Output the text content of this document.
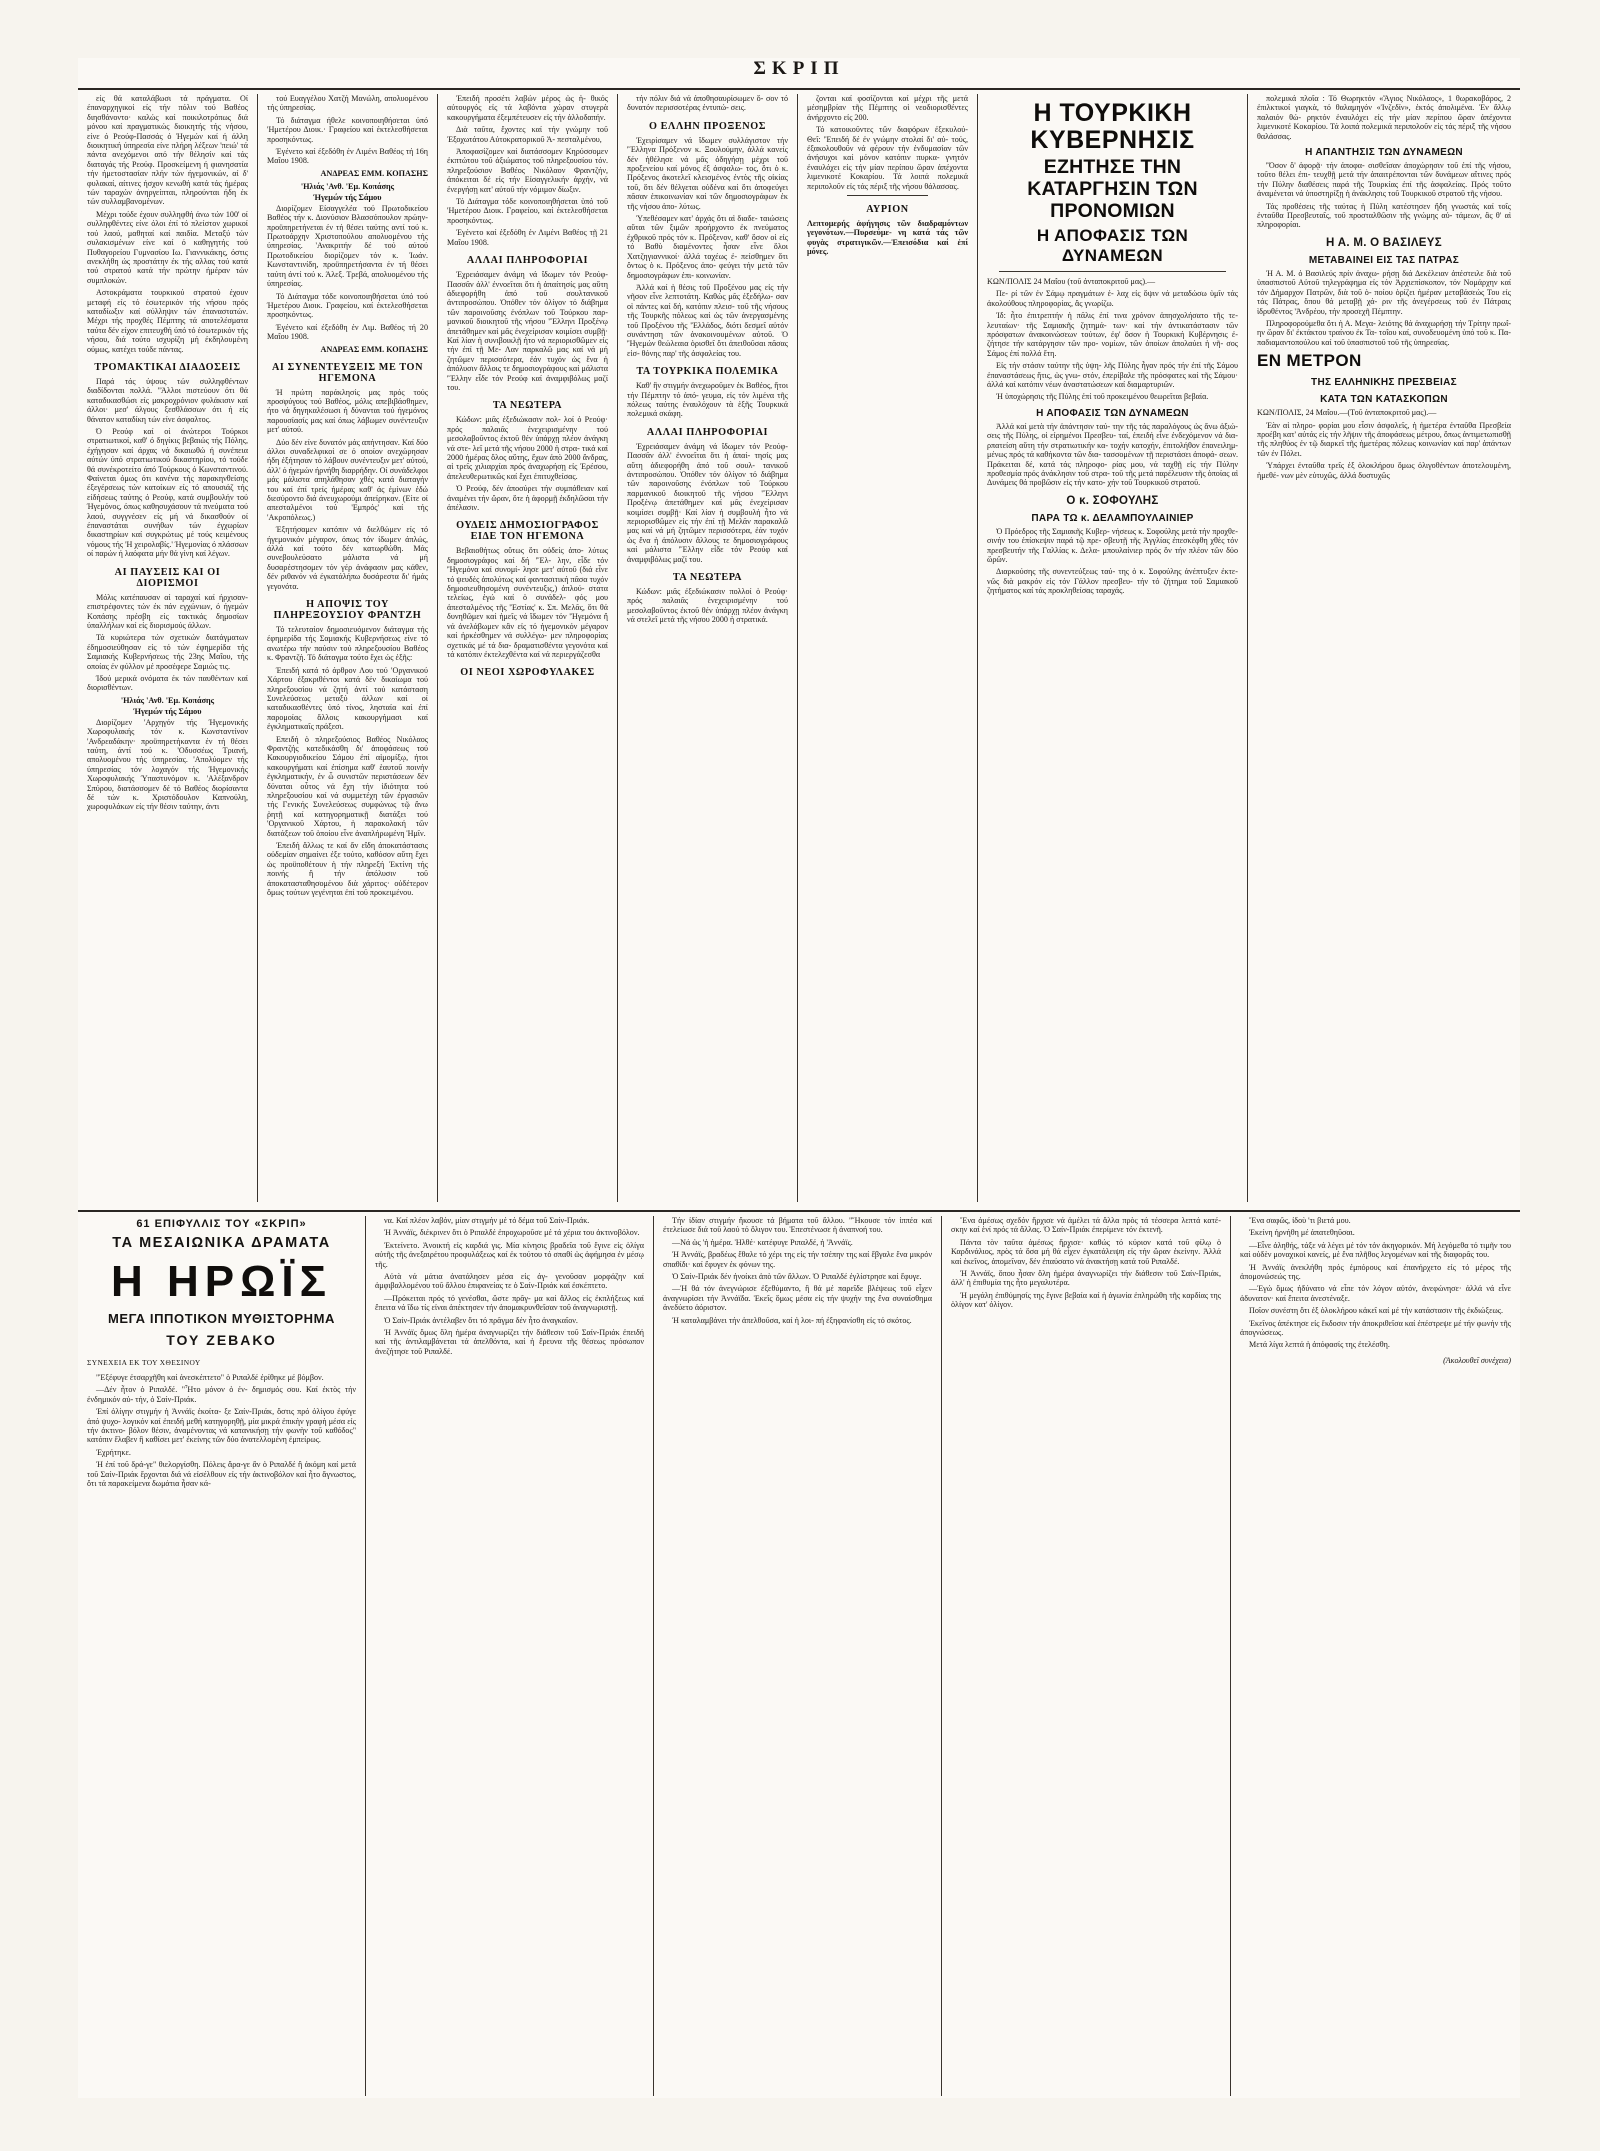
ΣΚΡΙΠ

είς θά καταλάβωσι τά πράγματα. Οί έπαναρχηγικοί είς τήν πόλιν τού Βαθέος διησθάνοντο· καλώς καί ποικιλοτρόπως διά μόνου καί πραγματικώς διοικητής τής νήσου, είνε ό Ρεούφ-Πασσάς ό Ήγεμών καί ή άλλη διοικητική ύπηρεσία είνε πλήρη λέξεων 'πειώ' τά πάντα ανεχόμενοι από τήν θέλησίν καί τάς διαταγάς τής Ρεούφ. Προσκείμενη ή φιανησατία τήν ήμετοστασίαν πλήν τών ήγεμονικών, αί δ' φυλακαί, αίτινες ήσχον κενωθή κατά τάς ήμέρας τών ταραχών άνηργείπται, πληρούνται ήδη έκ τών συλλαμβανομένων.

Μέχρι τούδε έχουν συλληφθή άνω τών 100' οί συλληφθέντες είνε όλοι έπί τό πλείστον χωρικοί τού λαού, μαθηταί καί παιδία. Μεταξύ τών συλακισμένων είνε καί ό καθηγητής τού Πυθαγορείου Γυμνασίου Ιω. Γιαννικάκης, όστις ανεκλήθη ώς προστάτην έκ τής αλλας τού κατά τού στρατού κατά τήν πρώτην ήμέραν τών συμπλοκών.

Αστοκράματα τουρκικού στρατού έχουν μεταφή είς τό έσωτερικόν τής νήσου πρός καταδίωξιν καί σύλληψιν τών έπαναστατών. Μέχρι τής προχθές Πέμπτης τά αποτελέσματα ταύτα δέν είχον επιτευχθή ύπό τό έσωτερικόν τής νήσου, διά τούτο ισχυρίζη μή έκδηλουμένη ούμως, κατέχει τούδε πάντας.

ΤΡΟΜΑΚΤΙΚΑΙ ΔΙΑΔΟΣΕΙΣ

Παρά τάς ύψους τών συλληφθέντων διαδίδονται πολλά. "Άλλοι πιστεύουν ότι θά καταδικασθώσι είς μακροχρόνιον φυλάκισιν καί άλλοι· μεσ' άλγους ξεσθλάσσων ότι ή είς θάνατον καταδίκη τών είνε άσφαλτος.

Ό Ρεούφ καί οί άνώτεροι Τούρκοι στρατιωτικοί, καθ' ό δηγίκις βεβαιώς τής Πόλης, έχήγησαν καί άρχας νά δικαιωθώ ή συνέπεια αύτών ύπό στρατιωτικού δικαστηρίου, τό τούδε θά συνέκροτείτο άπό Τούρκους ό Κωνσταντινού. Φαίνεται όμως ότι κανένα τής παρακηνθείσης έξεγέρσεως τών κατοίκων είς τό απουσιάζ τής είδήσεως ταύτης ό Ρεούφ, κατά συμβουλήν τού Ήγεμόνος, όπως καθησυχάσουν τά πνεύματα τού λαού, συγγνέσεν είς μή νά δικασθούν οί έπαναστάται συνήθων τών έγχωρίων δικαστηρίων καί συγκρώτως μέ τούς κειμένους νόμους τής 'Η χειρολαβίς.' Ήγεμονίας ό πλάσσων οί παρών ή λαόφατα μήν θά γίνη καί λέγων.

ΑΙ ΠΑΥΣΕΙΣ ΚΑΙ ΟΙ ΔΙΟΡΙΣΜΟΙ

Μόλις κατέπαυσαν αί ταραχαί καί ήρχισαν-επιστρέφοντες τών έκ πάν εγχώνιων, ό ήγεμών Κοπάσης πρέσβη είς τακτικάς δημοσίων ύπαλλήλων καί είς διορισμούς άλλων.

Τά κυριώτερα τών σχετικών διατάγματων έδημοσιεύθησαν είς τό τών έφημερίδα τής Σαμιακής Κυβερνήσεως τής 23ης Μαΐου, τής οποίας έν φύλλον μέ προσέφερε Σαμιώς τις.

Ίδού μερικά ονόματα έκ τών παυθέντων καί διορισθέντων.

'Ηλιάς 'Ανθ. 'Εμ. Κοπάσης
Ήγεμών τής Σάμου

Διορίζομεν 'Αρχηγόν τής Ήγεμονικής Χωροφυλακής τόν κ. Κωνσταντίνον 'Ανδρεαδάκην· προϋπηρετήκαντα έν τή θέσει ταύτη, άντί τού κ. 'Οδυσσέως Τριανή, απολυομένου τής ύπηρεσίας. 'Απολύομεν τής ύπηρεσίας τόν λοχαγόν τής Ήγεμονικής Χωροφυλακής Ύπαστυνόμον κ. 'Αλέξανδρον Σπύρου, διατάσσομεν δέ τό Βαθέος διορίσαντα δέ τών κ. Χριστόδουλον Καπνούλη, χωροφυλάκων είς τήν θέσιν ταύτην, άντι

τού Ευαγγέλου Χατζή Μανώλη, απολυομένου τής ύπηρεσίας.

Τό διάταγμα ήθελε κοινοποιηθήσεται ύπό 'Ημετέρου Διοικ.· Γραφείου καί έκτελεσθήσεται προσηκόντως.

Έγένετο καί έξεδόθη έν Λιμένι Βαθέος τή 16η Μαΐου 1908.

ΑΝΔΡΕΑΣ ΕΜΜ. ΚΟΠΑΣΗΣ
'Ηλιάς 'Ανθ. 'Εμ. Κοπάσης
Ήγεμών τής Σάμου

Διορίζομεν Είσαγγελέα τού Πρωτοδικείου Βαθέος τήν κ. Διονύσιον Βλασσόπουλον πρώην-προϋπηρετήνεται έν τή θέσει ταύτης αντί τού κ. Πρωτοάρχην Χριστοπούλου απολυομένου τής ύπηρεσίας. 'Ανακριτήν δέ τού αύτού Πρωτοδικείου διορίζομεν τόν κ. Ίωάν. Κωνσταντινίδη, προϋπηρετήσαντα έν τή θέσει ταύτη άντί τού κ. Άλεξ. Τρεβά, απολυομένου τής ύπηρεσίας.

Τό Διάταγμα τόδε κοινοποιηθήσεται ύπό τού Ήμετέρου Διοικ. Γραφείου, καί έκτελεσθήσεται προσηκόντως.

Έγένετο καί έξεδόθη έν Λιμ. Βαθέος τή 20 Μαΐου 1908.

ΑΝΔΡΕΑΣ ΕΜΜ. ΚΟΠΑΣΗΣ
ΑΙ ΣΥΝΕΝΤΕΥΞΕΙΣ ΜΕ ΤΟΝ ΗΓΕΜΟΝΑ

Ή πρώτη παράκλησίς μας πρός τούς προσφύγους τού Βαθέος, μόλις απεβιβάσθημεν, ήτο νά δηγηκαλέσωσι ή δύνανται τού ήγεμόνος παρουσίασίς μας καί όπως λάβωμεν συνέντευξιν μετ' αύτού.

Δύο δέν είνε δυνατόν μάς απήντησαν. Καί δύο άλλοι συναδελφικοί σε ό οποίον ανεχώρησαν ήδη ἐξήτησαν τό λάβουν συνέντευξιν μετ' αύτού, άλλ' ό ήγεμών ήρνήθη διαρρήδην. Οί συνάδελφοι μάς μάλιστα απηλάθησαν χθές κατά διαταγήν του καί έπί τρείς ήμέρας καθ' άς ἐμίνων ἐδώ διεσύροντο διά άνευχωρούμι ἀπείρηκαν. (Είτε οί απεσταλμένοι τού 'Εμπρός' καί τής 'Ακροπόλεως.)

Έξητήσαμεν κατόπιν νά διελθώμεν είς τό ήγεμονικόν μέγαρον, όπως τόν ίδωμεν άπλώς, άλλά καί τούτο δέν κατωρθώθη. Μάς συνεβουλεύσατο μάλιστα νά μή δυσαρέστησομεν τόν γέρ ἀνάφασιν μας κάθεν, δέν ριθανόν νά έγκατάλήπω δυσάρεστα δι' ήμάς γεγονότα.

Η ΑΠΟΨΙΣ ΤΟΥ ΠΛΗΡΕΞΟΥΣΙΟΥ ΦΡΑΝΤΖΗ

Τό τελευταίον δημοσιευόμενον διάταγμα τής έφημερίδα τής Σαμιακής Κυβερνήσεως είνε τό ανωτέρω τήν παύσιν τού πληρεξουσίου Βαθέος κ. Φραντζή. Τό διάταγμα τούτο ἔχει ώς ἑξῆς:

Έπειδή κατά τό άρθρον Λου τού 'Οργανικού Χάρτου ἐξακριθέντοι κατά δέν δικαίωμα τού πληρεξουσίου νά ζητή ἀντί τού κατάσταση Συνελεύσεως μεταξύ άλλων καί οί καταδικασθέντες ὑπό τίνος, λησταία καί ἐπί παρομοίας ἄλλοις κακουργήμασι καί ἐγκληματικαῖς πράξεσι.

Επειδή ὁ πληρεξούσιος Βαθέος Νικόλαος Φραντζής κατεδικάσθη δι' ἀποφάσεως τού Κακουργιοδικείου Σάμου ἐπί αἱμομίξῳ, ήτοι κακουργήματι καί ἐπίσημα καθ' ἑαυτοῦ ποινήν ἐγκληματικήν, ἐν ὦ συνιστῶν περιστάσεων δέν δύναται οὗτος νά ἔχη τήν ἰδιότητα τού πληρεξουσίου καί νά συμμετέχη τῶν ἐργασιῶν τής Γενικής Συνελεύσεως συμφώνως τῷ ἄνω ῥητῇ καί κατηγορηματικῇ διατάξει τού 'Οργανικοῦ Χάρτου, ἡ παρακολακή τῶν διατάξεων τοῦ ὁποίου εἶνε ἀναπλήρωμένη Ἡμῖν.

Ἐπειδή ἄλλως τε καί ἄν εἴδη ἀποκατάστασις οὐδεμίαν σημαίνει ἐξε τούτο, καθόσον αὕτη ἔχει ὡς προϋποθέτουν ἡ τήν πληρεξή Ἐκτίνη τής ποινής ἢ τήν ἀπόλυσιν τοῦ ἀποκατασταθησομένου διὰ χάριτος· οὐδέτερον ὅμως τούτων γεγένηται ἐπί τοῦ προκειμένου.

Ἐπειδή προσέτι λαβών μέρος ὡς ἡ- θικός αὐτουργός εἰς τά λαβόντα χώραν στυγερὰ κακουργήματα ἐξεμπέτευσεν εἰς τήν ἀλλοδαπήν.

Διὰ ταῦτα, ἔχοντες καί τήν γνώμην τοῦ Ἐξοχωτάτου Αὐτοκρατορικοῦ Ἀ- πεσταλμένου,

Ἀποφασίζομεν καί διατάσσομεν Κηρύσσομεν ἐκπτώτου τοῦ ἀξιώματος τοῦ πληρεξουσίου τόν. πληρεξούσιον Βαθέος Νικόλαον Φραντζήν, ἀπόκειται δέ εἰς τήν Εἰσαγγελικήν ἀρχήν, νά ἐνεργήσῃ κατ' αὐτοῦ τήν νόμιμον δίωξιν.

Τό Διάταγμα τόδε κοινοποιηθήσεται ὑπό τοῦ 'Ημετέρου Διοικ. Γραφείου, καί ἐκτελεσθήσεται προσηκόντως.

Ἐγένετο καί ἐξεδόθη ἐν Λιμένι Βαθέος τῇ 21 Μαΐου 1908.

ΑΛΛΑΙ ΠΛΗΡΟΦΟΡΙΑΙ

Ἐχρειάσαμεν ἀνάμη νά ἴδωμεν τόν Ρεούφ-Πασσᾶν ἀλλ' ἐννοεῖται ὅτι ἡ ἀπαίτησίς μας αὕτη ἀδιεφορήθη ἀπό τοῦ σουλτανικοῦ ἀντιπροσώπου. Ὁπόθεν τόν ὀλίγον τό διάβημα τῶν παροινοῦσης ἐνόπλων τοῦ Τούρκου παρ- μανικοῦ διοικητοῦ τῆς νήσου 'Ἔλληνι Προξένῳ ἀπετάθημεν καί μᾶς ἐνεχείρισαν κοιμίσει συμβῇ· Καί λίαν ἡ συνιβοικλῇ ἡτο νά περιορισθῶμεν εἰς τήν ἐπί τῇ Με- Λαν παρκαλῶ μας καί νά μή ζητῶμεν περισσότερα, ἐάν τυχόν ὡς ἔνα ἡ ἀπόλυσιν ἄλλοις τε δημοσιογράφους καί μάλιστα 'Ἕλλην εἶδε τόν Ρεούφ καί ἀναμφιβόλως μαζί του.

ΤΑ ΝΕΩΤΕΡΑ

Κώδων: μιᾶς ἐξεδιώκασιν πολ- λοί ὁ Ρεούφ· πρός παλαιᾶς ἐνεχειρισμένην τού μεσολαβοῦντος ἐκτοῦ θέν ὑπάρχῃ πλέον ἀνάγκη νά στε- λεῖ μετά τῆς νήσου 2000 ἡ στρα- τικά καί 2000 ἡμέρας ὅλος αὕτης, ἔχων ἀπὸ 2000 ἄνδρας, αἱ τρεῖς χιλιαρχίαι πρός ἀναχωρήσῃ εἰς Ἐρέσου, ἀπελευθερωτικῶς καί ἔχει ἐπιτυχθείσας.

Ὁ Ρεούφ, δέν ἀποσύρει τήν συμπάθειαν καί ἀναμένει τήν ὥραν, ὅτε ἡ ἀφορμῇ ἐκδηλῶσαι τήν ἀπέλασιν.

ΟΥΔΕΙΣ ΔΗΜΟΣΙΟΓΡΑΦΟΣ ΕΙΔΕ ΤΟΝ ΗΓΕΜΟΝΑ

Βεβαιοθήτως οὕτως ὅτι οὐδείς ἀπο- λύτως δημοσιογράφος καί δή 'Ἕλ- λην, εἶδε τόν 'Ἡγεμόνα καί συνομί- λησε μετ' αὐτοῦ (διά εἶνε τό ψευδὲς ἀπολύτως καί φαντασιτική πᾶσα τυχόν δημοσιευθησομένη συνέντευξις,) ἁπλού- στατα τελείως, ἐγώ καί ὁ συνάδελ- φός μου ἀπεσταλμένος τῆς 'Ἑστίας' κ. Σπ. Μελᾶς, ὅτι θά δυνηθῶμεν καί ἡμεῖς νά ἴδωμεν τόν 'Ἡγεμόνα ἤ νά ἀνελάβωμεν κἂν εἰς τό ἡγεμονικόν μέγαρον καί ἠρκέσθημεν νά συλλέγω- μεν πληροφορίας σχετικάς μέ τά δια- δραματισθέντα γεγονότα καί τά κατόπιν ἐκτελεχθέντα καί νά περιεργάζεσθα

ΟΙ ΝΕΟΙ ΧΩΡΟΦΥΛΑΚΕΣ

τήν πόλιν διά νά ἀποθησαυρίσωμεν ὅ- σον τό δυνατόν περισσοτέρας ἐντυπώ- σεις.

Ο ΕΛΛΗΝ ΠΡΟΞΕΝΟΣ

Ἐχειρίσαμεν νά ἴδωμεν συλλάγιστον τήν 'Ἕλληνα Πρόξενον κ. Ξουλούμην, ἀλλά κανείς δέν ἠθέλησε νά μᾶς ὁδηγήσῃ μέχρι τοῦ προξενείου καί μόνος ἐξ ἀσφαλω- τος, ὅτι ὁ κ. Πρόξενος ἀκοτελεῖ κλεισμένος ἐντὸς τῆς οἰκίας τοῦ, ὅτι δέν θέλγεται οὐδένα καί ὅτι ἀποφεύγει πᾶσαν ἐπικοινωνίαν καί τῶν δημοσιογράφων ἐκ τῆς νήσου ἀπο- λύτως.

Ὑπεθέσαμεν κατ' ἀρχάς ὅτι αἱ διαδε- ταιώσεις αὕται τῶν ξιμῶν προήρχοντο ἐκ πνεύματος ἐχθρικοῦ πρός τόν κ. Πρόξενον, καθ' ὅσον οἱ εἰς τό Βαθὺ διαμένοντες ἦσαν εἶνε ὅλοι Χατζηγιαννικοί· ἀλλά ταχέως ἐ- πείσθημεν ὅτι ὄντως ὁ κ. Πρόξενος ἀπο- φεύγει τήν μετὰ τῶν δημοσιογράφων ἐπι- κοινωνίαν.

Ἀλλά καί ἡ θέσις τοῦ Προξένου μας εἰς τήν νῆσον εἶνε λεπτοτάτη. Καθώς μᾶς ἐξεδήλω- σαν οἱ πάντες καί δή, κατόπιν πλεισ- τοῦ τῆς νήσους τῆς Τουρκῆς πόλεως καί ὡς τῶν ἀνεργασμένης τοῦ Προξένου τῆς 'Ἑλλάδος, διότι δεσμεῖ αὐτόν συνάντηση τῶν ἀνακοινουμένων αὐτοῦ. Ὁ 'Ἡγεμών θεώλεαια ὁρισθεῖ ὅτι ἀπειθοῦσαι πᾶσας εἰσ- θόνης παρ' τῆς ἀσφαλείας του.

ΤΑ ΤΟΥΡΚΙΚΑ ΠΟΛΕΜΙΚΑ

Καθ' ἣν στιγμήν ἀνεχωροῦμεν ἐκ Βαθέος, ἤτοι τήν Πέμπτην τό ἀπό- γευμα, εἰς τόν λιμένα τῆς πόλεως ταύτης ἐναυλόχουν τὰ ἑξῆς Τουρκικά πολεμικά σκάφη.

ΑΛΛΑΙ ΠΛΗΡΟΦΟΡΙΑΙ

Ἐχρειάσαμεν ἀνάμη νά ἴδωμεν τόν Ρεούφ-Πασσᾶν ἀλλ' ἐννοεῖται ὅτι ἡ ἀπαί- τησίς μας αὕτη ἀδιεφορήθη ἀπό τοῦ σουλ- τανικοῦ ἀντιπροσώπου. Ὁπόθεν τόν ὀλίγον τό διάβημα τῶν παροινοῦσης ἐνόπλων τοῦ Τούρκου παρμανικοῦ διοικητοῦ τῆς νήσου 'Ἔλληνι Προξένῳ ἀπετάθημεν καί μᾶς ἐνεχείρισαν κοιμίσει συμβῇ· Καί λίαν ἡ συμβουλή ἦτο νά περιορισθῶμεν εἰς τήν ἐπί τῇ Μελᾶν παρακαλῶ μας καί νά μή ζητῶμεν περισσότερα, ἐάν τυχόν ὡς ἔνα ἡ ἀπόλυσιν ἄλλους τε δημοσιογράφους καί μάλιστα 'Ἕλλην εἶδε τόν Ρεούφ καί ἀναμφιβόλως μαζί του.

ΤΑ ΝΕΩΤΕΡΑ

Κώδων: μιᾶς ἐξεδιώκασιν πολλοί ὁ Ρεούφ· πρός παλαιᾶς ἐνεχειρισμένην τού μεσολαβοῦντος ἐκτοῦ θέν ὑπάρχῃ πλέον ἀνάγκη νά στελεῖ μετά τῆς νήσου 2000 ἡ στρατικά.

ζονται καί φοσίζονται καί μέχρι τῆς μετά μέσημβρίαν τῆς Πέμπτης οἱ νεοδιορισθέντες ἀνήρχοντο εἰς 200.

Τό κατοικοῦντες τῶν διαφόρων ἐξεκυλού- Θεῖ: 'Ἐπειδή δέ ἐν γνώμην στολαί δι' αὐ- τούς, ἐξακολουθοῦν νά φέρουν τήν ἐνδυμασίαν τῶν ἀνήσυχοι καί μόνον κατόπιν πυρκα- γνητόν ἐναυλόχει εἰς τήν μίαν περίπου ὥραν ἀπέχοντα λιμενικοτέ Κοκαρίου. Τά λοιπά πολεμικά περιπολοῦν εἰς τάς πέριξ τῆς νήσου θάλασσας.

ΑΥΡΙΟΝ

Λεπτομερής ἀφήγησις τῶν διαδραμόντων γεγονότων.—Πυρσεύμε- νη κατά τάς τῶν φυγὰς στρατιγικῶν.—Ἐπεισόδια καί ἐπί μόνες.

Η ΤΟΥΡΚΙΚΗ ΚΥΒΕΡΝΗΣΙΣ
ΕΖΗΤΗΣΕ ΤΗΝ ΚΑΤΑΡΓΗΣΙΝ ΤΩΝ ΠΡΟΝΟΜΙΩΝ
Η ΑΠΟΦΑΣΙΣ ΤΩΝ ΔΥΝΑΜΕΩΝ

ΚΩΝ/ΠΟΛΙΣ 24 Μαΐου (τοῦ ἀνταποκριτοῦ μας).—

Πε- ρί τῶν ἐν Σάμῳ πραγμάτων ἐ- λαχ εἰς ὅψιν νά μεταδώσω ὑμῖν τάς ἀκολούθους πληροφορίας, ἃς γνωρίζω.

Ἰδ: ἦτο ἐπιτρεπτήν ἡ πᾶλις ἐπί τινα χρόνον ἀπησχολήσατο τῆς τε- λευταίων· τῆς Σαμιακῆς ζητημά- των· καί τήν ἀντικατάστασιν τῶν πρόσφατων ἀνακοινώσεων τούτων, ἐφ' ὅσον ἡ Τουρκική Κυβέρνησις ἐ- ζήτησε τήν κατάργησιν τῶν προ- νομίων, τῶν ὁποίων ἀπολαύει ἡ νῆ- σος Σάμος ἐπί πολλά ἔτη.

Εἰς τήν στάσιν ταύτην τῆς ὑψη- λῆς Πύλης ἧγαν πρός τήν ἐπί τῆς Σάμου ἐπαναστάσεως ἥτις, ὡς γνω- στόν, ἐπερίβαλε τῆς πρόσφατες καί τῆς Σάμου· ἀλλά καί κατόπιν νέων ἀναστατώσεων καί διαμαρτυριῶν.

Ἡ ὑποχώρησις τῆς Πύλης ἐπί τοῦ προκειμένου θεωρεῖται βεβαία.

Η ΑΠΟΦΑΣΙΣ ΤΩΝ ΔΥΝΑΜΕΩΝ

Ἀλλά καί μετὰ τήν ἀπάντησιν ταύ- την τῆς τάς παραλόγους ὡς ἄνω ἀξιώ- σεις τῆς Πύλης, οἱ εἰρημένοι Πρεσβευ- ταί, ἐπειδή εἶνε ἐνδεχόμενον νά δια- ρπατείση αὕτη τήν στρατιωτικήν κα- τοχήν κατοχήν, ἐπιτολήθον ἐπανειλημ- μένως πρός τά καθήκοντα τῶν δια- τασσομένων τῇ περιστάσει ἀποφά- σεων. Πράκειται δέ, κατά τάς πληροφο- ρίας μου, νά ταχθῇ εἰς τήν Πύλην προθεσμία πρός ἀνάκλησιν τοῦ στρα- τοῦ τῆς μετά παρέλευσιν τῆς ὁποίας αἱ Δυνάμεις θά προβῶσιν εἰς τήν κατο- χήν τοῦ Τουρκικοῦ στρατοῦ.

Ο κ. ΣΟΦΟΥΛΗΣ
ΠΑΡΑ ΤΩ κ. ΔΕΛΑΜΠΟΥΛΑΙΝΙΕΡ

Ὁ Πρόεδρος τῆς Σαμιακῆς Κυβερ- νήσεως κ. Σοφούλης μετά τήν προχθε- σινήν του ἐπίσκεψιν παρά τῷ πρε- σβευτῇ τῆς Ἀγγλίας ἐπεσκέφθη χθὲς τόν πρεσβευτήν τῆς Γαλλίας κ. Δελα- μπουλαίνιερ πρός ὃν τήν πλέον τῶν δύο ὥρῶν.

Διαρκούσης τῆς συνεντεύξεως ταύ- της ὁ κ. Σοφούλης ἀνέπτυξεν ἐκτε- νῶς διὰ μακρόν εἰς τόν Γάλλον πρεσβευ- τήν τό ζήτημα τοῦ Σαμιακοῦ ζητήματος καί τάς προκληθείσας ταραχάς.

πολεμικά πλοῖα : Τό Θωρηκτόν «Ἄγιος Νικόλαος», 1 θωρακοβάρος, 2 ἐπιλκτικοί γιαγκὰ, τό θαλαμηγόν «Ἰνζεδίν», ἐκτός ἀπολιμένα. Ἐν ἄλλῳ παλαιόν θώ- ρηκτόν ἐναυλόχει εἰς τήν μίαν περίπου ὥραν ἀπέχοντα λιμενικοτέ Κοκαρίου. Τά λοιπά πολεμικά περιπολοῦν εἰς τάς πέριξ τῆς νήσου θαλάσσας.

Η ΑΠΑΝΤΗΣΙΣ ΤΩΝ ΔΥΝΑΜΕΩΝ

'Ὅσον ὅ' ἀφορᾷ· τήν ἀποφα- σισθεῖσαν ἀποχώρησιν τοῦ ἐπί τῆς νήσου, τοῦτο θέλει ἐπι- τευχθῇ μετά τήν ἀπαιτρέπονται τῶν δυνάμεων αἵτινες πρός τήν Πύλην διαθέσεις παρά τῆς Τουρκίας ἐπί τῆς ἀσφαλείας. Πρός τοῦτο ἀναμένεται νά ὑποστηρίξῃ ἡ ἀνάκλησις τοῦ Τουρκικοῦ στρατοῦ τῆς νήσου.

Τάς προθέσεις τῆς ταύτας ἡ Πύλη κατέστησεν ἤδη γνωστάς καί τοῖς ἐνταῦθα Πρεσβευταῖς, τοῦ προσταλθῶσιν τῆς γνώμης αὐ- τάμεων, ἃς θ' αἱ πληροφορίαι.

Η Α. Μ. Ο ΒΑΣΙΛΕΥΣ
ΜΕΤΑΒΑΙΝΕΙ ΕΙΣ ΤΑΣ ΠΑΤΡΑΣ

Ἡ Α. Μ. ὁ Βασιλεύς πρίν ἀναχω- ρήσῃ διά Δεκέλειαν ἀπέστειλε διὰ τοῦ ὑπασπιστοῦ Αὐτοῦ τηλεγράφημα εἰς τόν Ἀρχιεπίσκοπον, τόν Νομάρχην καί τόν Δήμαρχον Πατρῶν, διὰ τοῦ ὁ- ποίου ὁρίζει ἡμέραν μεταβάσεώς Του εἰς τάς Πάτρας, ὅπου θά μεταβῇ χά- ριν τῆς ἀνεγέρσεως τοῦ ἐν Πάτραις ἱδρυθέντος 'Ἀνδρέου, τήν προσεχῆ Πέμπτην.

Πληροφορούμεθα ὅτι ἡ Α. Μεγα- λειότης θά ἀναχωρήσῃ τήν Τρίτην πρωΐ- ην ὥραν δι' ἐκτάκτου τραίνου ἐκ Τα- τοΐου καί, συνοδευομένη ὑπό τοῦ κ. Πα- παδιαμαντοπούλου καί τοῦ ὑπασπιστοῦ τοῦ τῆς ὑπηρεσίας.

ΕΝ ΜΕΤΡΟΝ
ΤΗΣ ΕΛΛΗΝΙΚΗΣ ΠΡΕΣΒΕΙΑΣ
ΚΑΤΑ ΤΩΝ ΚΑΤΑΣΚΟΠΩΝ

ΚΩΝ/ΠΟΛΙΣ, 24 Μαΐου.—(Τοῦ ἀνταποκριτοῦ μας).—

Ἑὰν αἱ πληρο- φορίαι μου εἶσιν ἀσφαλεῖς, ἡ ἡμετέρα ἐνταῦθα Πρεσβεία προέβη κατ' αὐτάς εἰς τήν λῆψιν τῆς ἀποφάσεως μέτρου, ὅπως ἀντιμετωπισθῇ τῆς πληθύος ἐν τῷ διαρκεῖ τῆς ἡμετέρας πόλεως κοινωνίαν καί παρ' ἀπάντων τῶν ἐν Πόλει.

Ὑπάρχει ἐνταῦθα τρεῖς ἐξ ὁλοκλήρου ὅμως ὀλιγοθέντων ἀποτελουμένη, ἡμεθέ- νων μὲν εὐτυχῶς, ἀλλά δυστυχῶς

61 ΕΠΙΦΥΛΛΙΣ ΤΟΥ «ΣΚΡΙΠ»
ΤΑ ΜΕΣΑΙΩΝΙΚΑ ΔΡΑΜΑΤΑ
Η ΗΡΩΪΣ
ΜΕΓΑ ΙΠΠΟΤΙΚΟΝ ΜΥΘΙΣΤΟΡΗΜΑ
ΤΟΥ ΖΕΒΑΚΟ
ΣΥΝΕΧΕΙΑ ΕΚ ΤΟΥ ΧΘΕΣΙΝΟΥ

"Ἐξέφυγε ἐτσαρχῆθη καί ἀνεσκέπτετο" ὁ Ριπαλδέ ἐρίθηκε μέ βόμβον.

—Δέν ἦτον ὁ Ριπαλδέ. "Ἦτο μόνον ὁ ἐν- δημισμός σου. Καί ἐκτὸς τήν ἐνδημικόν αὐ- τήν, ὁ Σαίν-Πριάκ.

Ἐπί ὀλίγην στιγμήν ἡ Ἀννάϊς ἐκοίτα- ξε Σαίν-Πριάκ, ὅστις πρό ὀλίγου ἐφύγε ἀπό ψυχο- λογικόν καί ἐπειδή μεθή κατηγορηθῇ, μία μικρά ἐπικὴν γραφὴ μέσα εἰς τήν ἀκτινο- βόλον θέσιν, ἀναμένοντας νά κατανικήσῃ τήν φωνὴν τοῦ καθόδος" κατόπιν ἔλαβεν ἢ καθίσει μετ' ἐκείνης τῶν δύο ἀνατελλομένη ἐμπείρως.

Ἐχρήτηκε.

Ἡ ἐπί τοῦ δρά-γε" θιελοργίσθη. Πόλεις ἄρα-γε ἂν ὁ Ριπαλδέ ἢ ἀκόμη καί μετά τοῦ Σαίν-Πριάκ ἔρχονται διά νά εἰσέλθουν εἰς τήν ἀκτινοβόλον καί ἦτο ἄγνωστος, ὅτι τά παρακείμενα δωμάτια ἦσαν κά-

να. Καί πλέον λαβόν, μίαν στιγμήν μέ τό δέμα τοῦ Σαίν-Πριάκ.

Ἡ Ἀννάϊς, διέκρινεν ὅτι ὁ Ριπαλδέ ἐπροχωροῦσε μέ τά χέρια του ἀκτινοβόλον.

Ἐκτείνετο. Ἀνοικτή εἰς καρδιά γις. Μία κίνησις βραδεῖα τοῦ ἔγινε εἰς ὀλίγα αὐτῆς τῆς ἀνεξαιρέτου προφυλάξεως καί ἐκ τούτου τό σπαθί ὡς ἀφήμησα ἐν μέσῳ τῆς.

Αὐτὰ νά μάτια ἀνατάλησεν μέσα εἰς ἀγ- γενοῦσαν μορφάζην καί ἀμφιβαλλομένου τοῦ ἄλλου ἐπιφανείας τε ὁ Σαίν-Πριάκ καί ἐσκέπτετο.

—Πρόκειται πρός τό γενέσθαι, ὥστε πρᾶγ- μα καί ἄλλος εἰς ἐκπλήξεως καί ἔπειτα νά ἴδω τίς εἰναι ἀπέκτησεν τήν ἀπομακρυνθεῖσαν τοῦ ἀναγνωριστῇ.

Ὁ Σαίν-Πριάκ ἀντέλαβεν ὅτι τό πρᾶγμα δέν ἦτο ἀναγκαῖον.

Ἡ Ἀννάϊς ὅμως ὅλη ἡμέρα ἀναγνωρίζει τήν διάθεσιν τοῦ Σαίν-Πριάκ ἐπειδή καί τῆς ἀντιλαμβάνεται τά ἀπελθόντα, καί ἡ ἔρευνα τῆς θέσεως πρόσωπον ἀνεζήτησε τοῦ Ριπαλδέ.

Τήν ἰδίαν στιγμήν ἤκουσε τά βήματα τοῦ ἄλλου. "Ἤκουσε τόν ἱππέα καί ἐτελείωσε διά τοῦ λαού τό ὅλιγον του. Ἐπεστένωσε ἡ ἀναπνοή του.

—Νά ὡς 'ἡ ἡμέρα. Ἠλθέ· κατέφυγε Ριπαλδέ, ἡ 'Ἀννάϊς.

Ἡ Ἀννάϊς, βραδέως ἔθαλε τό χέρι της εἰς τήν τσέπην της καί ἔβγαλε ἕνα μικρόν σπαθίδι· καί ἔφυγεν ἐκ φόνων της.

Ὁ Σαίν-Πριάκ δέν ἠνοίκει ἀπὸ τῶν ἄλλων. Ὁ Ριπαλδέ ἐγλίστρησε καί ἔφυγε.

—Ἡ θά τόν ἀνεγνώρισε ἐξεθύμαντο, ἢ θά μέ παρεῖδε βλέψεως τοῦ εἶχεν ἀναγνωρίσει τήν Ἀννάϊδα. Ἐκεῖς ὅμως μέσα εἰς τήν ψυχήν της ἕνα συναίσθημα ἀνεδύετο ἀόριστον.

Ἡ καταλαμβάνει τήν ἀπελθοῦσα, καί ἡ λοι- πή ἐξηφανίσθη εἰς τό σκότος.

Ἕνα ἀμέσως σχεδόν ἤρχισε νά ἀμέλει τά ἄλλα πρὸς τά τέσσερα λεπτά κατέ- σκην καί ἑνί πρός τά ἄλλας. Ὁ Σαίν-Πριάκ ἐπερίμενε τόν ἐκτενῆ.

Πάντα τὸν ταῦτα ἀμέσως ἤρχισε· καθώς τό κύριον κατά τοῦ φίλῳ ὁ Καρδινάλιος, πρὸς τά ὅσα μή θά εἶχεν ἐγκατάλειψη εἰς τήν ὥραν ἐκείνην. Ἀλλά καί ἐκεῖνος, ἀπομεῖναν, δέν ἐπαύσατο νά ἀνακτήσῃ κατά τοῦ Ριπαλδέ.

Ἡ Ἀννάϊς, ὅπου ἦσαν ὅλη ἡμέρα ἀναγνωρίζει τήν διάθεσιν τοῦ Σαίν-Πριάκ, ἀλλ' ἡ ἐπιθυμία της ἦτο μεγαλυτέρα.

Ἡ μεγάλη ἐπιθύμησίς της ἔγινε βεβαία καί ἡ ἀγωνία ἐπληρώθη τῆς καρδίας της ὁλίγον κατ' ὀλίγον.

Ἕνα σαφῶς, ἰδοὺ 'τι βιετά μου.

Ἑκείνη ἠρνήθη μέ ἀπατεθηῦσαι.

—Εἶνε ἀληθής, τάξε νά λέγει μέ τόν τὀν ἀκηγορικόν. Μή λεγόμεθα τό τιμῆν του καί οὐδὲν μοναχικοί κανείς, μὲ ἕνα πλῆθος λεγομένων καί τῆς διαφορᾶς του.

Ἡ Ἀννάϊς ἀνεκλήθη πρός ἐμπόρους καί ἐπανήρχετο εἰς τό μέρος τῆς ἀπομονώσεώς της.

—Ἐγώ ὅμως ἠδύνατο νά εἶπε τόν λόγον αὐτόν, ἀνεφώνησε· ἀλλά νά εἶνε ἀδυνατον· καί ἔπειτα ἀνεστέναξε.

Ποῖον συνέστη ὅτι ἐξ ὁλοκλήρου κἀκεῖ καί μέ τήν κατάστασιν τῆς ἐκδιώξεως.

Ἐκεῖνος ἀπέκτησε εἰς ἔκδοσιν τήν ἀποκριθεῖσα καί ἐπέστρεψε μέ τήν φωνήν τῆς ἀπογνώσεως.

Μετά λίγα λεπτά ἡ ἀπόφασίς της ἐτελέσθη.

(Ἀκολουθεῖ συνέχεια)
